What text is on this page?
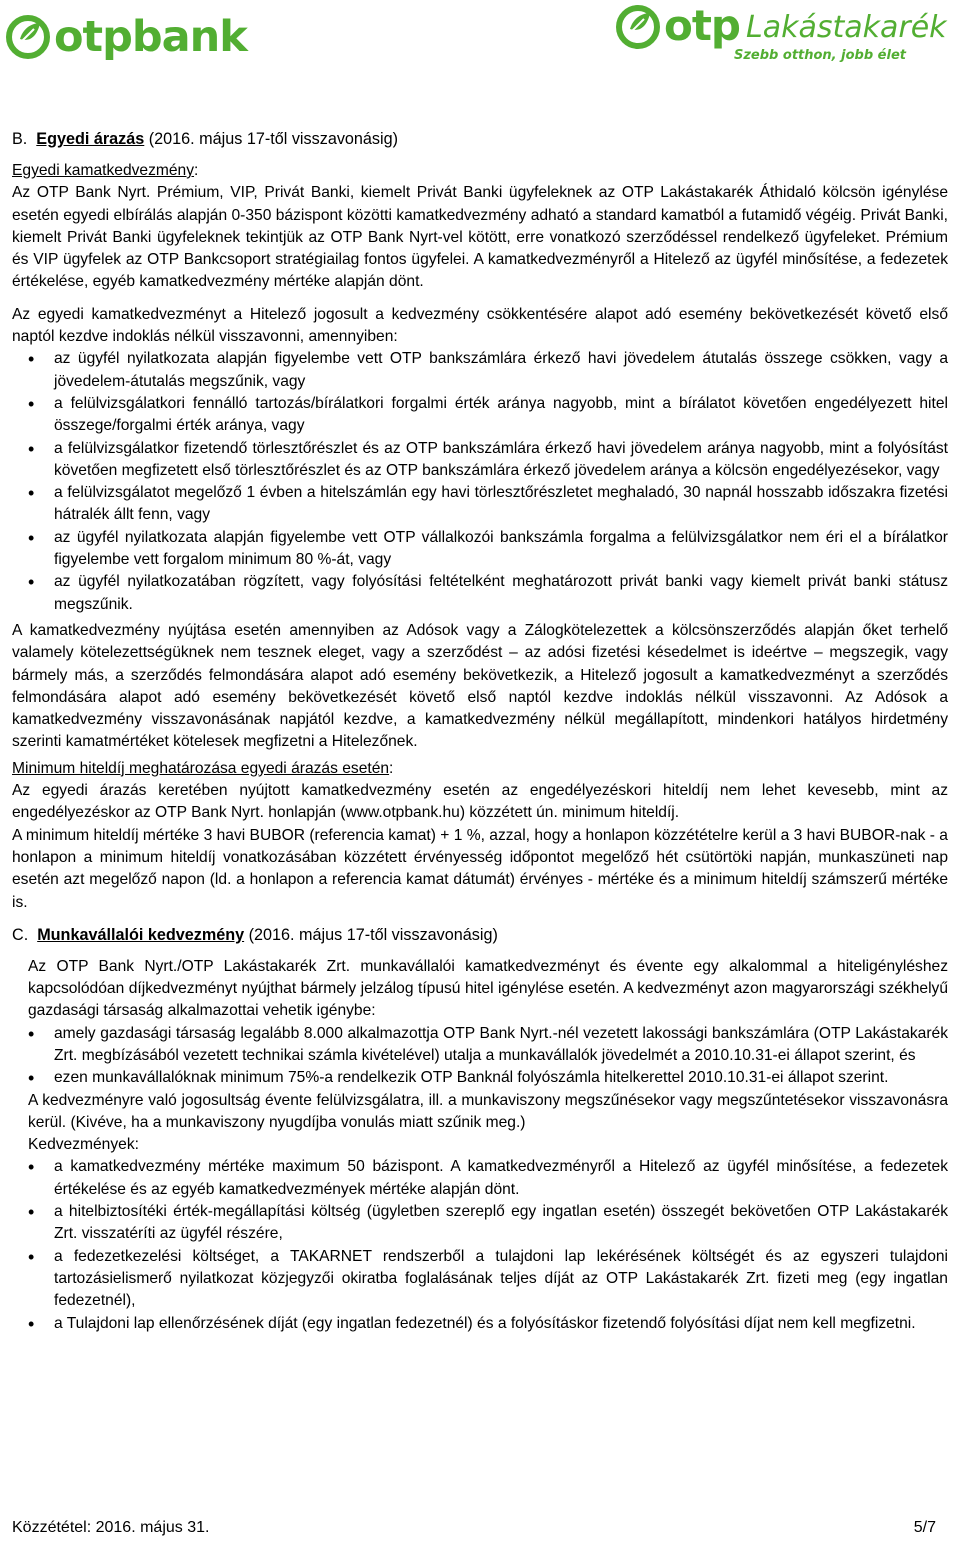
otpbank	otp Lakástakarék
Szebb otthon, jobb élet

B. Egyedi árazás (2016. május 17-től visszavonásig)

Egyedi kamatkedvezmény:

Az OTP Bank Nyrt. Prémium, VIP, Privát Banki, kiemelt Privát Banki ügyfeleknek az OTP Lakástakarék Áthidaló kölcsön igénylése esetén egyedi elbírálás alapján 0-350 bázispont közötti kamatkedvezmény adható a standard kamatból a futamidő végéig. Privát Banki, kiemelt Privát Banki ügyfeleknek tekintjük az OTP Bank Nyrt-vel kötött, erre vonatkozó szerződéssel rendelkező ügyfeleket. Prémium és VIP ügyfelek az OTP Bankcsoport stratégiailag fontos ügyfelei. A kamatkedvezményről a Hitelező az ügyfél minősítése, a fedezetek értékelése, egyéb kamatkedvezmény mértéke alapján dönt.

Az egyedi kamatkedvezményt a Hitelező jogosult a kedvezmény csökkentésére alapot adó esemény bekövetkezését követő első naptól kezdve indoklás nélkül visszavonni, amennyiben:

• az ügyfél nyilatkozata alapján figyelembe vett OTP bankszámlára érkező havi jövedelem átutalás összege csökken, vagy a jövedelem-átutalás megszűnik, vagy
• a felülvizsgálatkori fennálló tartozás/bírálatkori forgalmi érték aránya nagyobb, mint a bírálatot követően engedélyezett hitel összege/forgalmi érték aránya, vagy
• a felülvizsgálatkor fizetendő törlesztőrészlet és az OTP bankszámlára érkező havi jövedelem aránya nagyobb, mint a folyósítást követően megfizetett első törlesztőrészlet és az OTP bankszámlára érkező jövedelem aránya a kölcsön engedélyezésekor, vagy
• a felülvizsgálatot megelőző 1 évben a hitelszámlán egy havi törlesztőrészletet meghaladó, 30 napnál hosszabb időszakra fizetési hátralék állt fenn, vagy
• az ügyfél nyilatkozata alapján figyelembe vett OTP vállalkozói bankszámla forgalma a felülvizsgálatkor nem éri el a bírálatkor figyelembe vett forgalom minimum 80 %-át, vagy
• az ügyfél nyilatkozatában rögzített, vagy folyósítási feltételként meghatározott privát banki vagy kiemelt privát banki státusz megszűnik.

A kamatkedvezmény nyújtása esetén amennyiben az Adósok vagy a Zálogkötelezettek a kölcsönszerződés alapján őket terhelő valamely kötelezettségüknek nem tesznek eleget, vagy a szerződést – az adósi fizetési késedelmet is ideértve – megszegik, vagy bármely más, a szerződés felmondására alapot adó esemény bekövetkezik, a Hitelező jogosult a kamatkedvezményt a szerződés felmondására alapot adó esemény bekövetkezését követő első naptól kezdve indoklás nélkül visszavonni. Az Adósok a kamatkedvezmény visszavonásának napjától kezdve, a kamatkedvezmény nélkül megállapított, mindenkori hatályos hirdetmény szerinti kamatmértéket kötelesek megfizetni a Hitelezőnek.

Minimum hiteldíj meghatározása egyedi árazás esetén:

Az egyedi árazás keretében nyújtott kamatkedvezmény esetén az engedélyezéskori hiteldíj nem lehet kevesebb, mint az engedélyezéskor az OTP Bank Nyrt. honlapján (www.otpbank.hu) közzétett ún. minimum hiteldíj.

A minimum hiteldíj mértéke 3 havi BUBOR (referencia kamat) + 1 %, azzal, hogy a honlapon közzétételre kerül a 3 havi BUBOR-nak - a honlapon a minimum hiteldíj vonatkozásában közzétett érvényesség időpontot megelőző hét csütörtöki napján, munkaszüneti nap esetén azt megelőző napon (ld. a honlapon a referencia kamat dátumát) érvényes - mértéke és a minimum hiteldíj számszerű mértéke is.

C. Munkavállalói kedvezmény (2016. május 17-től visszavonásig)

Az OTP Bank Nyrt./OTP Lakástakarék Zrt. munkavállalói kamatkedvezményt és évente egy alkalommal a hiteligényléshez kapcsolódóan díjkedvezményt nyújthat bármely jelzálog típusú hitel igénylése esetén. A kedvezményt azon magyarországi székhelyű gazdasági társaság alkalmazottai vehetik igénybe:

• amely gazdasági társaság legalább 8.000 alkalmazottja OTP Bank Nyrt.-nél vezetett lakossági bankszámlára (OTP Lakástakarék Zrt. megbízásából vezetett technikai számla kivételével) utalja a munkavállalók jövedelmét a 2010.10.31-ei állapot szerint, és
• ezen munkavállalóknak minimum 75%-a rendelkezik OTP Banknál folyószámla hitelkerettel 2010.10.31-ei állapot szerint.

A kedvezményre való jogosultság évente felülvizsgálatra, ill. a munkaviszony megszűnésekor vagy megszűntetésekor visszavonásra kerül. (Kivéve, ha a munkaviszony nyugdíjba vonulás miatt szűnik meg.)

Kedvezmények:

• a kamatkedvezmény mértéke maximum 50 bázispont. A kamatkedvezményről a Hitelező az ügyfél minősítése, a fedezetek értékelése és az egyéb kamatkedvezmények mértéke alapján dönt.
• a hitelbiztosítéki érték-megállapítási költség (ügyletben szereplő egy ingatlan esetén) összegét bekövetően OTP Lakástakarék Zrt. visszatéríti az ügyfél részére,
• a fedezetkezelési költséget, a TAKARNET rendszerből a tulajdoni lap lekérésének költségét és az egyszeri tulajdoni tartozásielismerő nyilatkozat közjegyzői okiratba foglalásának teljes díját az OTP Lakástakarék Zrt. fizeti meg (egy ingatlan fedezetnél),
• a Tulajdoni lap ellenőrzésének díját (egy ingatlan fedezetnél) és a folyósításkor fizetendő folyósítási díjat nem kell megfizetni.
Közzététel: 2016. május 31.	5/7
